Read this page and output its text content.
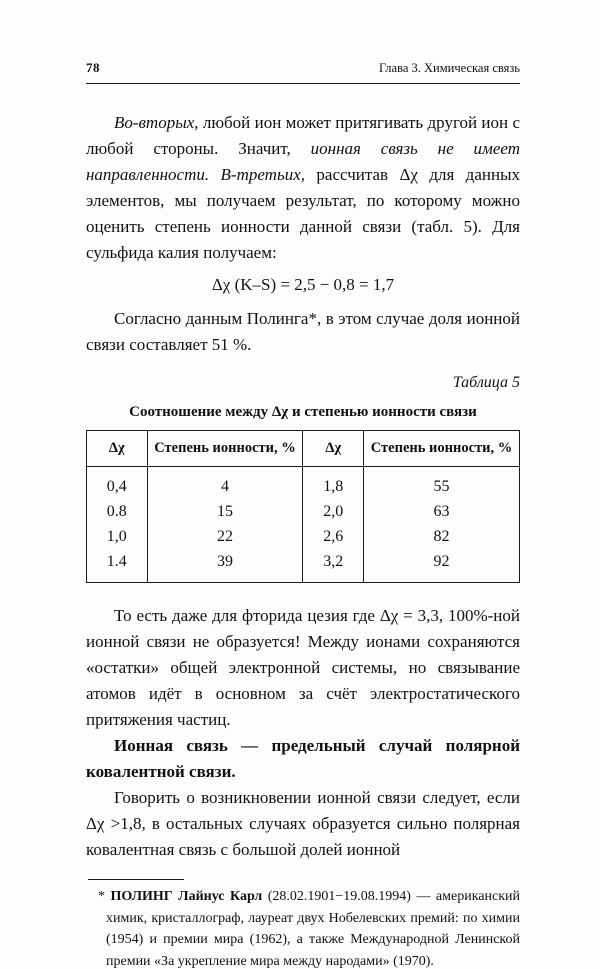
78	Глава 3. Химическая связь

Во-вторых, любой ион может притягивать другой ион с любой стороны. Значит, ионная связь не имеет направленности. В-третьих, рассчитав Δχ для данных элементов, мы получаем результат, по которому можно оценить степень ионности данной связи (табл. 5). Для сульфида калия получаем:

Δχ (K–S) = 2,5 − 0,8 = 1,7

Согласно данным Полинга*, в этом случае доля ионной связи составляет 51 %.

Таблица 5
Соотношение между Δχ и степенью ионности связи
Δχ	Степень ионности, %	Δχ	Степень ионности, %
0,4	4	1,8	55
0.8	15	2,0	63
1,0	22	2,6	82
1.4	39	3,2	92

То есть даже для фторида цезия где Δχ = 3,3, 100%-ной ионной связи не образуется! Между ионами сохраняются «остатки» общей электронной системы, но связывание атомов идёт в основном за счёт электростатического притяжения частиц.

Ионная связь — предельный случай полярной ковалентной связи.

Говорить о возникновении ионной связи следует, если Δχ >1,8, в остальных случаях образуется сильно полярная ковалентная связь с большой долей ионной

* ПОЛИНГ Лайнус Карл (28.02.1901−19.08.1994) — американский химик, кристаллограф, лауреат двух Нобелевских премий: по химии (1954) и премии мира (1962), а также Международной Ленинской премии «За укрепление мира между народами» (1970).
